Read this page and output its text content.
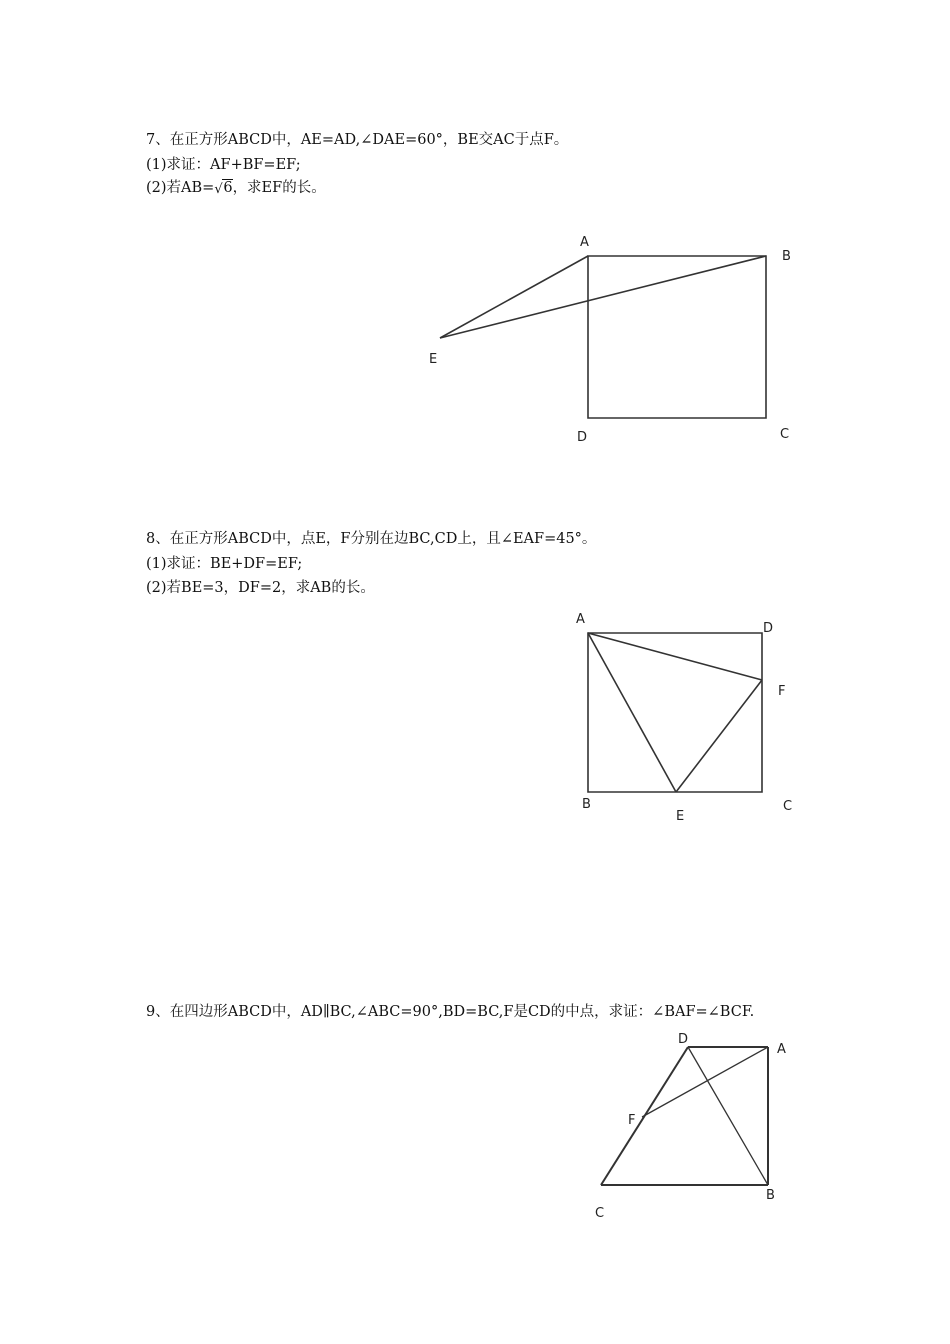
7、在正方形ABCD中，AE=AD,∠DAE=60°，BE交AC于点F。
(1)求证：AF+BF=EF;
(2)若AB= √ 6，求EF的长。
8、在正方形ABCD中，点E，F分别在边BC,CD上，且∠EAF=45°。
(1)求证：BE+DF=EF;
(2)若BE=3，DF=2，求AB的长。
9、在四边形ABCD中，AD∥BC,∠ABC=90°,BD=BC,F是CD的中点，求证：∠BAF=∠BCF.
A
B
C
D
E
A
D
F
B
E
C
D
A
F
B
C
